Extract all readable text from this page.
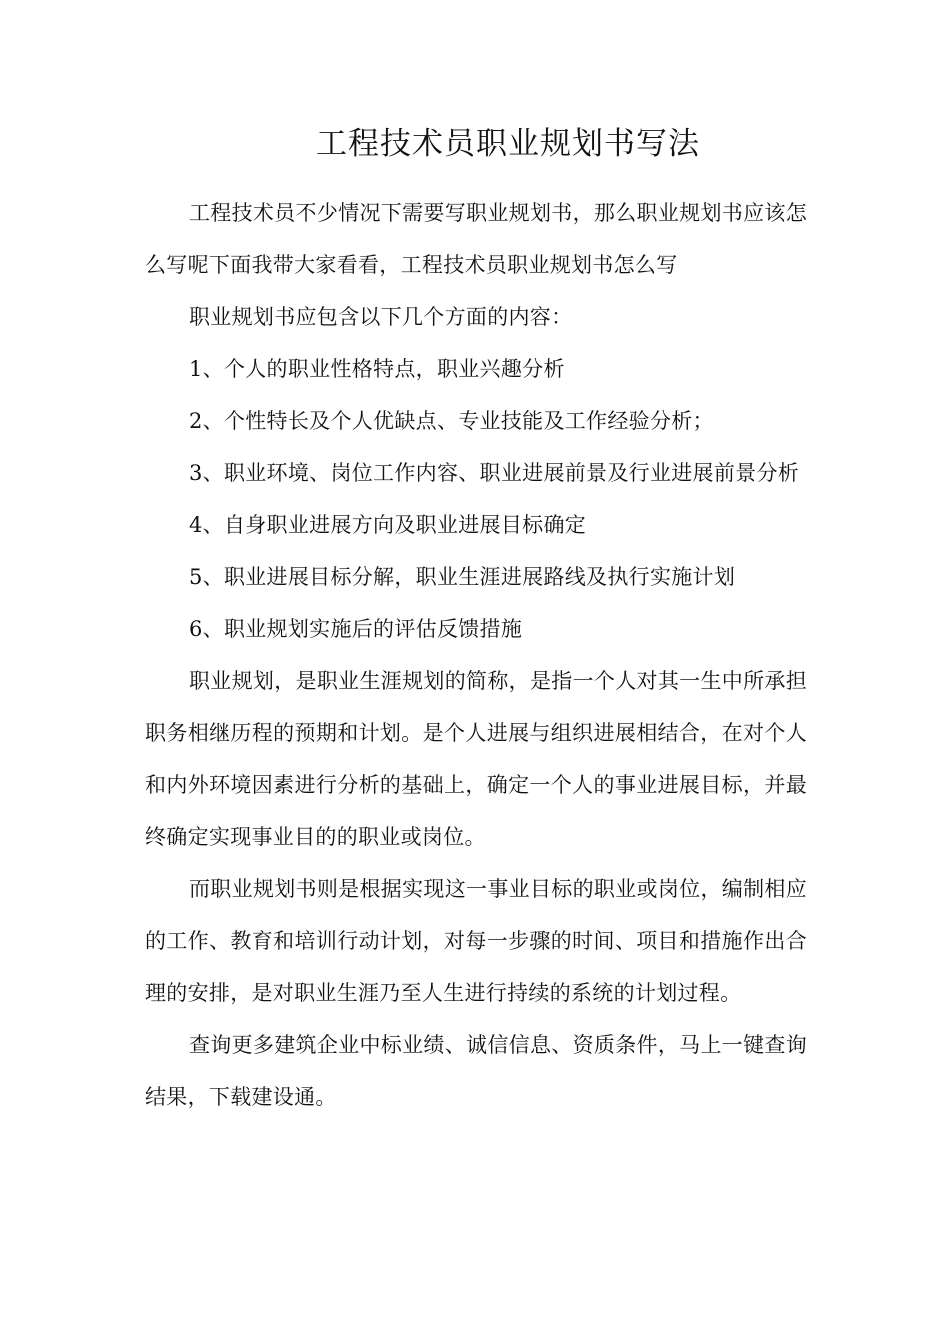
工程技术员职业规划书写法

工程技术员不少情况下需要写职业规划书，那么职业规划书应该怎么写呢下面我带大家看看，工程技术员职业规划书怎么写

职业规划书应包含以下几个方面的内容：

1、个人的职业性格特点，职业兴趣分析

2、个性特长及个人优缺点、专业技能及工作经验分析；

3、职业环境、岗位工作内容、职业进展前景及行业进展前景分析

4、自身职业进展方向及职业进展目标确定

5、职业进展目标分解，职业生涯进展路线及执行实施计划

6、职业规划实施后的评估反馈措施

职业规划，是职业生涯规划的简称，是指一个人对其一生中所承担职务相继历程的预期和计划。是个人进展与组织进展相结合，在对个人和内外环境因素进行分析的基础上，确定一个人的事业进展目标，并最终确定实现事业目的的职业或岗位。

而职业规划书则是根据实现这一事业目标的职业或岗位，编制相应的工作、教育和培训行动计划，对每一步骤的时间、项目和措施作出合理的安排，是对职业生涯乃至人生进行持续的系统的计划过程。

查询更多建筑企业中标业绩、诚信信息、资质条件，马上一键查询结果，下载建设通。
